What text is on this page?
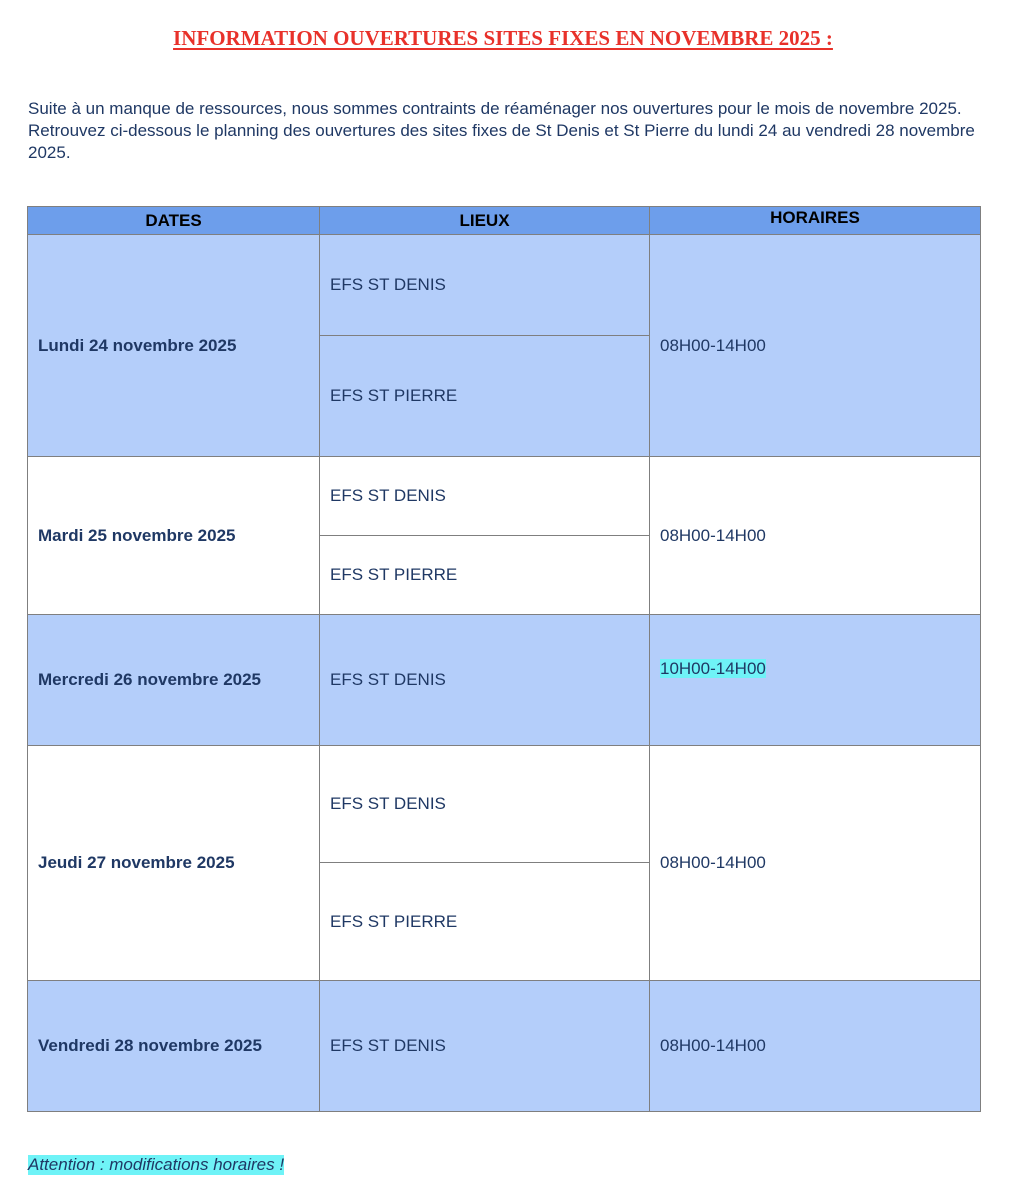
INFORMATION OUVERTURES SITES FIXES EN NOVEMBRE 2025 :
Suite à un manque de ressources, nous sommes contraints de réaménager nos ouvertures pour le mois de novembre 2025. Retrouvez ci-dessous le planning des ouvertures des sites fixes de St Denis et St Pierre du lundi 24 au vendredi 28 novembre 2025.
DATES	LIEUX	HORAIRES
Lundi 24 novembre 2025	EFS ST DENIS	08H00-14H00
	EFS ST PIERRE	
Mardi 25 novembre 2025	EFS ST DENIS	08H00-14H00
	EFS ST PIERRE	
Mercredi 26 novembre 2025	EFS ST DENIS	10H00-14H00
Jeudi 27 novembre 2025	EFS ST DENIS	08H00-14H00
	EFS ST PIERRE	
Vendredi 28 novembre 2025	EFS ST DENIS	08H00-14H00
Attention : modifications horaires !
